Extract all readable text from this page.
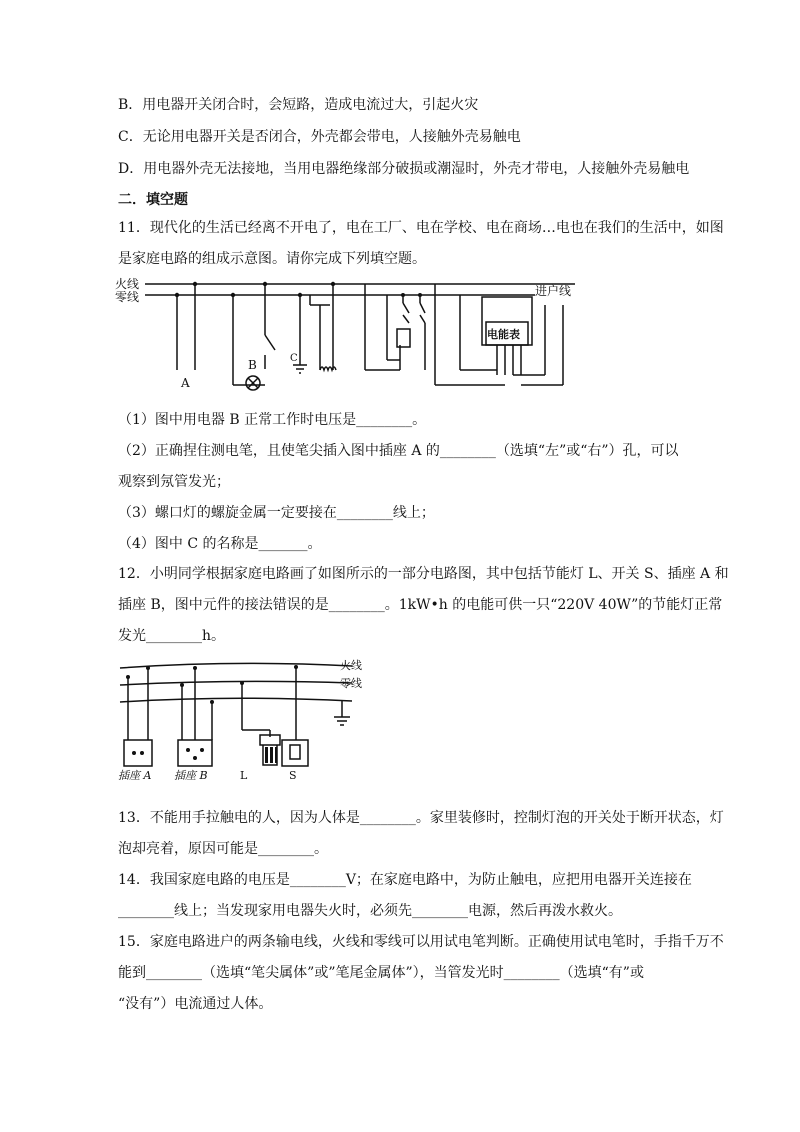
B．用电器开关闭合时，会短路，造成电流过大，引起火灾
C．无论用电器开关是否闭合，外壳都会带电，人接触外壳易触电
D．用电器外壳无法接地，当用电器绝缘部分破损或潮湿时，外壳才带电，人接触外壳易触电
二．填空题
11．现代化的生活已经离不开电了，电在工厂、电在学校、电在商场…电也在我们的生活中，如图
是家庭电路的组成示意图。请你完成下列填空题。
火线
零线	进户线
电能表
A
B	C
（1）图中用电器 B 正常工作时电压是________。
（2）正确捏住测电笔，且使笔尖插入图中插座 A 的________（选填“左”或“右”）孔，可以
观察到氖管发光；
（3）螺口灯的螺旋金属一定要接在________线上；
（4）图中 C 的名称是_______。
12．小明同学根据家庭电路画了如图所示的一部分电路图，其中包括节能灯 L、开关 S、插座 A 和
插座 B，图中元件的接法错误的是________。1kW•h 的电能可供一只“220V 40W”的节能灯正常
发光________h。
火线
零线
插座 A 插座 B	L	S
13．不能用手拉触电的人，因为人体是________。家里装修时，控制灯泡的开关处于断开状态，灯
泡却亮着，原因可能是________。
14．我国家庭电路的电压是________V；在家庭电路中，为防止触电，应把用电器开关连接在
________线上；当发现家用电器失火时，必须先________电源，然后再泼水救火。
15．家庭电路进户的两条输电线，火线和零线可以用试电笔判断。正确使用试电笔时，手指千万不
能到________（选填“笔尖属体”或”笔尾金属体”），当管发光时________（选填“有”或
“没有”）电流通过人体。
